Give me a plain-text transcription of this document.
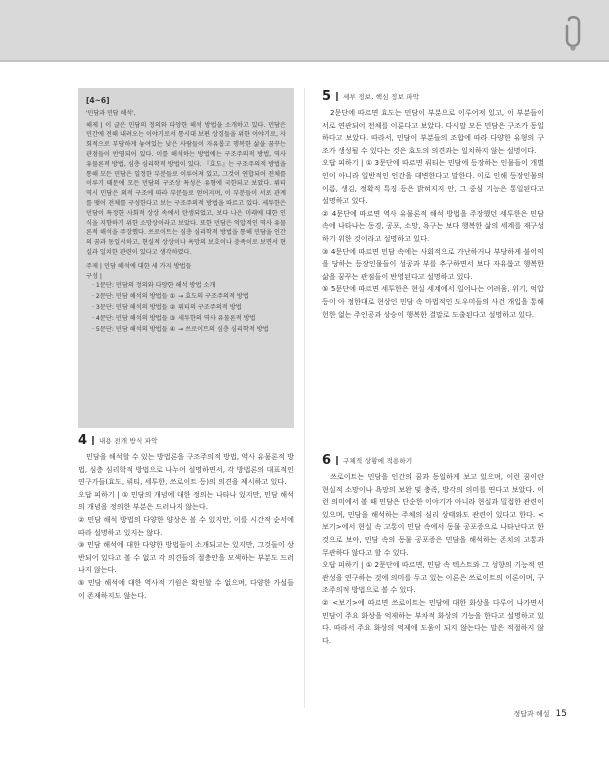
[4~6]
'민담과 민담 해석',

해제 | 이 글은 민담의 정의와 다양한 해석 방법을 소개하고 있다. 민담은 민간에 전해 내려오는 이야기로서 통시대 보편 상징들을 위한 이야기로, 사회적으로 부당하게 놓여있는 낮은 사람들이 자유롭고 행복한 삶을 꿈꾸는 관점들이 반영되어 있다. 이를 해석하는 방법에는 구조주의적 방법, 역사 유물론적 방법, 심층 심리학적 방법이 있다. 『효도』는 구조주의적 방법을 통해 모든 민담은 일정한 부분들로 이루어져 있고, 그것이 연합되어 전체를 이루기 때문에 모든 민담의 구조상 특성은 유형에 국한되고 보았다. 뤼티 역시 민담은 외적 구조에 따라 부분들로 얻어지며, 이 부분들이 서로 관계를 맺어 전체를 구성한다고 보는 구조주의적 방법을 따르고 있다. 세투한은 민담이 특정한 사회적 상상 속에서 탄생되었고, 보다 나은 미래에 대한 인식을 지향하기 위한 소망상이라고 보았다. 또한 민담은 억압적인 역사 유물론적 해석을 주장했다. 쓰로이트는 심층 심리학적 방법을 통해 민담을 인간의 꿈과 동일시하고, 현실적 상상이나 욕망의 보호이나 충족이로 보면서 현실과 일치한 관련이 있다고 생각하였다.

주제 | 민담 해석에 대한 세 가지 방법들
구성 |
· 1문단: 민담의 정의와 다양한 해석 방법 소개
· 2문단: 민담 해석의 방법들 ① → 효도의 구조주의적 방법
· 3문단: 민담 해석의 방법들 ② 뤼티의 구조주의적 방법
· 4문단: 민담 해석의 방법들 ③ 세투한의 역사 유물론적 방법
· 5문단: 민담 해석의 방법들 ④ → 쓰로이트의 심층 심리학적 방법
4 내용 전개 방식 파악

민담을 해석할 수 있는 방법론을 구조주의적 방법, 역사 유물론적 방법, 심층 심리학적 방법으로 나누어 설명하면서, 각 방법론의 대표적인 연구가들(효도, 뤼티, 세투한, 쓰로이트 등)의 의견을 제시하고 있다.

오답 피하기 | ① 민담의 개념에 대한 정의는 나타나 있지만, 민담 해석의 개념을 정의한 부분은 드러나지 않는다.

② 민담 해석 방법의 다양한 양상은 볼 수 있지만, 이를 시간적 순서에 따라 설명하고 있지는 않다.

③ 민담 해석에 대한 다양한 방법들이 소개되고는 있지만, 그것들이 상반되어 있다고 볼 수 없고 각 의견들의 절충안을 모색하는 부분도 드러나지 않는다.

⑤ 민담 해석에 대한 역사적 기원은 확인할 수 없으며, 다양한 가설들이 존재하지도 않는다.

5 세부 정보, 핵심 정보 파악

2문단에 따르면 효도는 민담이 부분으로 이루어져 있고, 이 부분들이 서로 연관되어 전체를 이룬다고 보았다. 다시말 모든 민담은 구조가 동일하다고 보았다. 따라서, 민담이 부분들의 조합에 따라 다양한 유형의 구조가 생성될 수 있다는 것은 효도의 의견과는 일치하지 않는 설명이다.

오답 피하기 | ① 3문단에 따르면 뤼티는 민담에 등장하는 인물들이 개별인이 아니라 일반적인 인간을 대변한다고 말한다. 이로 인해 등장인물의 이름, 생김, 정확적 특징 등은 밝혀지지 안, 그 중심 기능은 통일된다고 설명하고 있다.

② 4문단에 따르면 역사 유물론적 해석 방법을 주장했던 세투한은 민담 속에 나타나는 동경, 공포, 소망, 욕구는 보다 행복한 삶의 세계를 재구성하기 위한 것이라고 설명하고 있다.

③ 4문단에 따르면 민담 속에는 사회적으로 가난하거나 부당하게 불이익을 당하는 등장인물들이 성공과 부를 추구하면서 보다 자유롭고 행복한 삶을 꿈꾸는 관점들이 반영된다고 설명하고 있다.

⑤ 5문단에 따르면 세투한은 현실 세계에서 일어나는 어려움, 위기, 억압 등이 아 정한대로 현상인 민담 속 마법적인 도우미들의 사건 개입을 통해 헌한 없는 주인공과 상승이 행복한 결말로 도출된다고 설명하고 있다.

6 구체적 상황에 적용하기

쓰로이트는 민담을 인간의 꿈과 동일하게 보고 있으며, 이런 꿈이란 현실적 소망이나 욕망의 보완 및 충족, 방각의 의미를 띤다고 보았다. 이런 의미에서 볼 때 민담은 단순한 이야기가 아니라 현실과 밀접한 관련이 있으며, 민담을 해석하는 주체의 심리 상태와도 관련이 있다고 한다. <보기>에서 현실 속 고통이 민담 속에서 동물 공포증으로 나타난다고 한 것으로 보아, 민담 속의 동물 공포증은 민담을 해석하는 존치의 고통과 무관하다 않다고 할 수 있다.

오답 피하기 | ① 2문단에 따르면, 민담 속 텍스트와 그 성향의 기능적 연관성을 연구하는 것에 의미를 두고 있는 이론은 쓰로이트의 이론이며, 구조주의적 방법으로 볼 수 있다.

② <보기>에 따르면 쓰로이트는 민담에 대한 화상을 다루어 나가면서 민담이 주요 화상을 억제하는 부차적 화상의 기능을 한다고 설명하고 있다. 따라서 주요 화상의 억제에 도움이 되지 않는다는 말은 적절하지 않다.

정답과 해설 15
